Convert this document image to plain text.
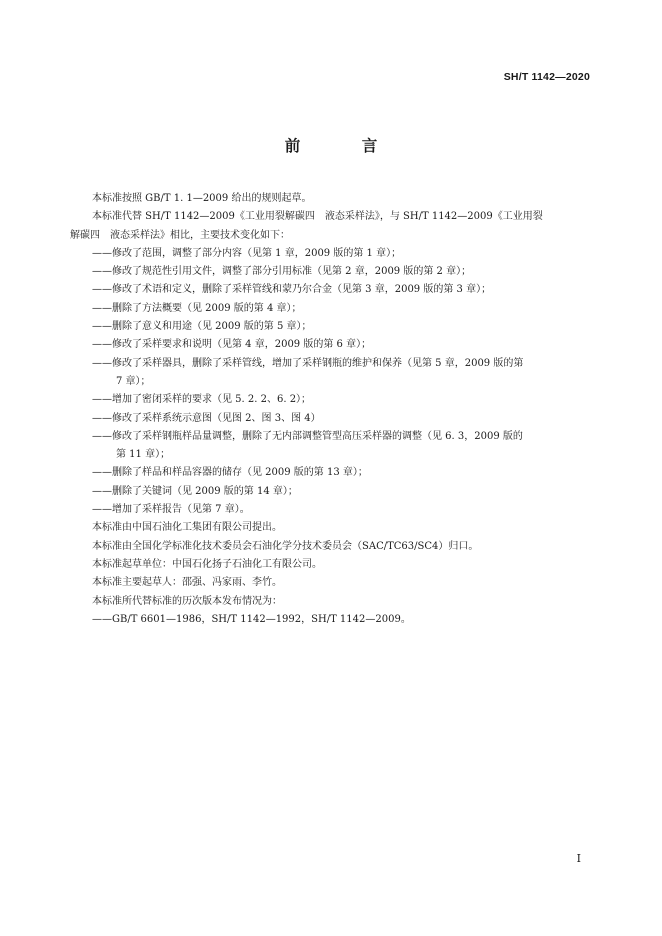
SH/T 1142—2020
前 言

本标准按照 GB/T 1. 1—2009 给出的规则起草。

本标准代替 SH/T 1142—2009《工业用裂解碳四　液态采样法》，与 SH/T 1142—2009《工业用裂

解碳四　液态采样法》相比，主要技术变化如下：

——修改了范围，调整了部分内容（见第 1 章，2009 版的第 1 章）；

——修改了规范性引用文件，调整了部分引用标准（见第 2 章，2009 版的第 2 章）；

——修改了术语和定义，删除了采样管线和蒙乃尔合金（见第 3 章，2009 版的第 3 章）；

——删除了方法概要（见 2009 版的第 4 章）；

——删除了意义和用途（见 2009 版的第 5 章）；

——修改了采样要求和说明（见第 4 章，2009 版的第 6 章）；

——修改了采样器具，删除了采样管线，增加了采样钢瓶的维护和保养（见第 5 章，2009 版的第

7 章）；

——增加了密闭采样的要求（见 5. 2. 2、6. 2）；

——修改了采样系统示意图（见图 2、图 3、图 4）

——修改了采样钢瓶样品量调整，删除了无内部调整管型高压采样器的调整（见 6. 3，2009 版的

第 11 章）；

——删除了样品和样品容器的储存（见 2009 版的第 13 章）；

——删除了关键词（见 2009 版的第 14 章）；

——增加了采样报告（见第 7 章）。

本标准由中国石油化工集团有限公司提出。

本标准由全国化学标准化技术委员会石油化学分技术委员会（SAC/TC63/SC4）归口。

本标准起草单位：中国石化扬子石油化工有限公司。

本标准主要起草人：邵强、冯家雨、李竹。

本标准所代替标准的历次版本发布情况为：

——GB/T 6601—1986，SH/T 1142—1992，SH/T 1142—2009。

I
